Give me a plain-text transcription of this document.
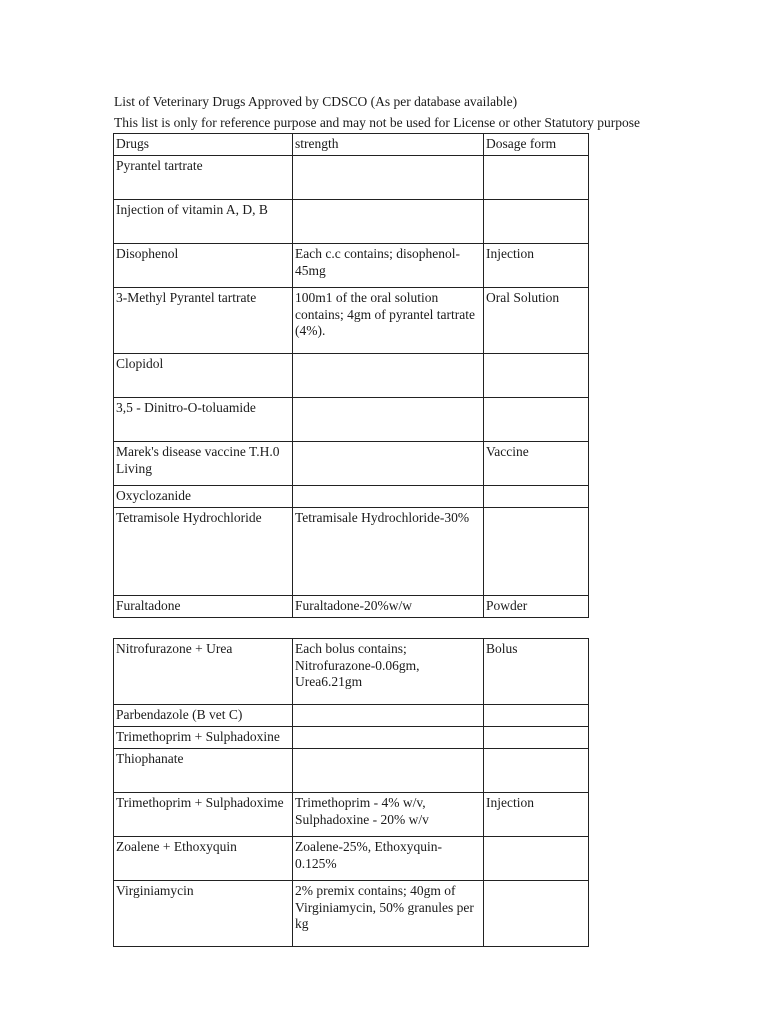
List of Veterinary Drugs Approved by CDSCO (As per database available)
This list is only for reference purpose and may not be used for License or other Statutory purpose
Drugs	strength	Dosage form
Pyrantel tartrate		
Injection of vitamin A, D, B		
Disophenol	Each c.c contains; disophenol-45mg	Injection
3-Methyl Pyrantel tartrate	100m1 of the oral solution contains; 4gm of pyrantel tartrate (4%).	Oral Solution
Clopidol		
3,5 - Dinitro-O-toluamide		
Marek's disease vaccine T.H.0 Living		Vaccine
Oxyclozanide		
Tetramisole Hydrochloride	Tetramisale Hydrochloride-30%	
Furaltadone	Furaltadone-20%w/w	Powder
Nitrofurazone + Urea	Each bolus contains; Nitrofurazone-0.06gm, Urea6.21gm	Bolus
Parbendazole (B vet C)		
Trimethoprim + Sulphadoxine		
Thiophanate		
Trimethoprim + Sulphadoxime	Trimethoprim - 4% w/v, Sulphadoxine - 20% w/v	Injection
Zoalene + Ethoxyquin	Zoalene-25%, Ethoxyquin-0.125%	
Virginiamycin	2% premix contains; 40gm of Virginiamycin, 50% granules per kg	
